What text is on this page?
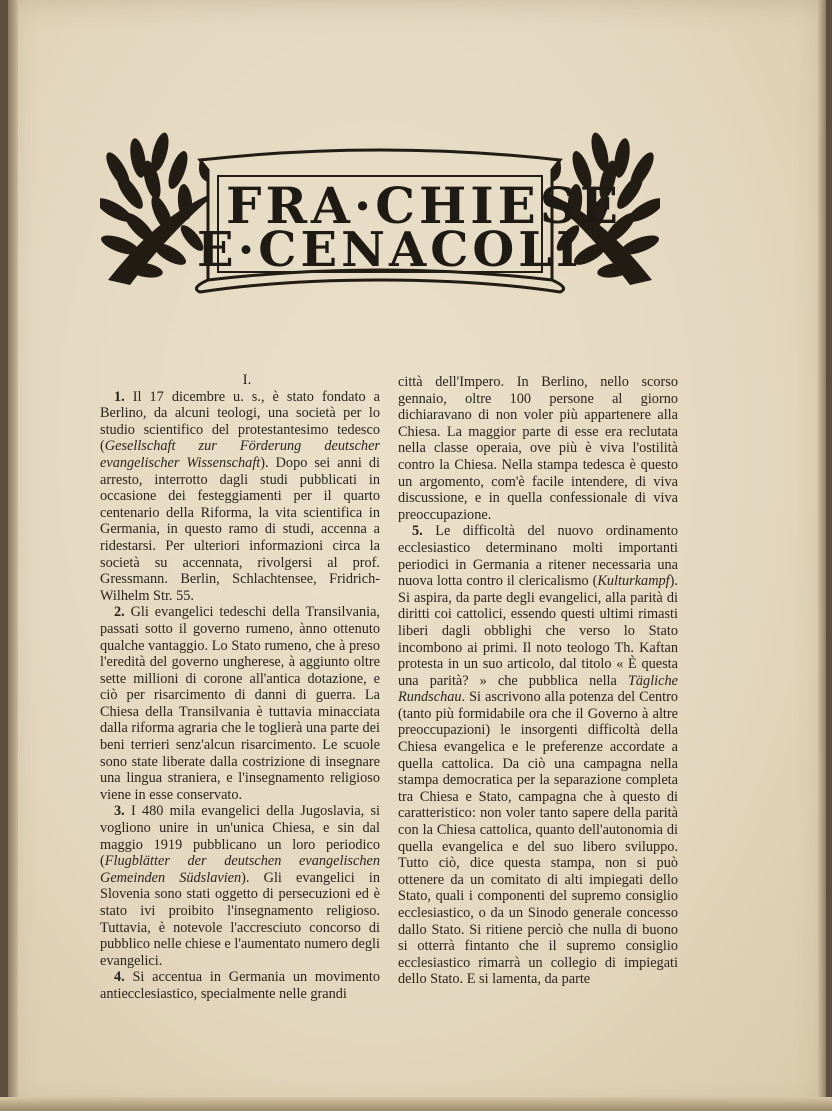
FRA·CHIESE
E·CENACOLI

I.

1. Il 17 dicembre u. s., è stato fondato a Berlino, da alcuni teologi, una società per lo studio scientifico del protestantesimo tedesco (Gesellschaft zur Förderung deutscher evangelischer Wissenschaft). Dopo sei anni di arresto, interrotto dagli studi pubblicati in occasione dei festeggiamenti per il quarto centenario della Riforma, la vita scientifica in Germania, in questo ramo di studi, accenna a ridestarsi. Per ulteriori informazioni circa la società su accennata, rivolgersi al prof. Gressmann. Berlin, Schlachtensee, Fridrich-Wilhelm Str. 55.

2. Gli evangelici tedeschi della Transilvania, passati sotto il governo rumeno, ànno ottenuto qualche vantaggio. Lo Stato rumeno, che à preso l'eredità del governo ungherese, à aggiunto oltre sette millioni di corone all'antica dotazione, e ciò per risarcimento di danni di guerra. La Chiesa della Transilvania è tuttavia minacciata dalla riforma agraria che le toglierà una parte dei beni terrieri senz'alcun risarcimento. Le scuole sono state liberate dalla costrizione di insegnare una lingua straniera, e l'insegnamento religioso viene in esse conservato.

3. I 480 mila evangelici della Jugoslavia, si vogliono unire in un'unica Chiesa, e sin dal maggio 1919 pubblicano un loro periodico (Flugblätter der deutschen evangelischen Gemeinden Südslavien). Gli evangelici in Slovenia sono stati oggetto di persecuzioni ed è stato ivi proibito l'insegnamento religioso. Tuttavia, è notevole l'accresciuto concorso di pubblico nelle chiese e l'aumentato numero degli evangelici.

4. Si accentua in Germania un movimento antiecclesiastico, specialmente nelle grandi

città dell'Impero. In Berlino, nello scorso gennaio, oltre 100 persone al giorno dichiaravano di non voler più appartenere alla Chiesa. La maggior parte di esse era reclutata nella classe operaia, ove più è viva l'ostilità contro la Chiesa. Nella stampa tedesca è questo un argomento, com'è facile intendere, di viva discussione, e in quella confessionale di viva preoccupazione.

5. Le difficoltà del nuovo ordinamento ecclesiastico determinano molti importanti periodici in Germania a ritener necessaria una nuova lotta contro il clericalismo (Kulturkampf). Si aspira, da parte degli evangelici, alla parità di diritti coi cattolici, essendo questi ultimi rimasti liberi dagli obblighi che verso lo Stato incombono ai primi. Il noto teologo Th. Kaftan protesta in un suo articolo, dal titolo « È questa una parità? » che pubblica nella Tägliche Rundschau. Si ascrivono alla potenza del Centro (tanto più formidabile ora che il Governo à altre preoccupazioni) le insorgenti difficoltà della Chiesa evangelica e le preferenze accordate a quella cattolica. Da ciò una campagna nella stampa democratica per la separazione completa tra Chiesa e Stato, campagna che à questo di caratteristico: non voler tanto sapere della parità con la Chiesa cattolica, quanto dell'autonomia di quella evangelica e del suo libero sviluppo. Tutto ciò, dice questa stampa, non si può ottenere da un comitato di alti impiegati dello Stato, quali i componenti del supremo consiglio ecclesiastico, o da un Sinodo generale concesso dallo Stato. Si ritiene perciò che nulla di buono si otterrà fintanto che il supremo consiglio ecclesiastico rimarrà un collegio di impiegati dello Stato. E si lamenta, da parte
